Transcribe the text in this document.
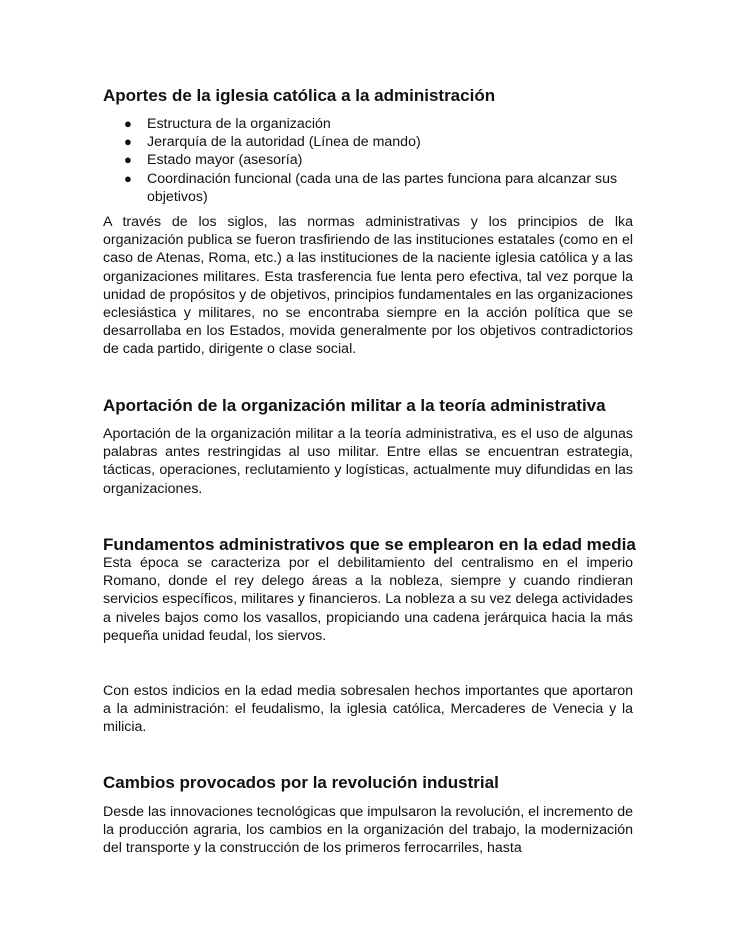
Aportes de la iglesia católica a la administración
● Estructura de la organización
● Jerarquía de la autoridad (Línea de mando)
● Estado mayor (asesoría)
● Coordinación funcional (cada una de las partes funciona para alcanzar sus objetivos)

A través de los siglos, las normas administrativas y los principios de lka organización publica se fueron trasfiriendo de las instituciones estatales (como en el caso de Atenas, Roma, etc.) a las instituciones de la naciente iglesia católica y a las organizaciones militares. Esta trasferencia fue lenta pero efectiva, tal vez porque la unidad de propósitos y de objetivos, principios fundamentales en las organizaciones eclesiástica y militares, no se encontraba siempre en la acción política que se desarrollaba en los Estados, movida generalmente por los objetivos contradictorios de cada partido, dirigente o clase social.

Aportación de la organización militar a la teoría administrativa

Aportación de la organización militar a la teoría administrativa, es el uso de algunas palabras antes restringidas al uso militar. Entre ellas se encuentran estrategia, tácticas, operaciones, reclutamiento y logísticas, actualmente muy difundidas en las organizaciones.

Fundamentos administrativos que se emplearon en la edad media

Esta época se caracteriza por el debilitamiento del centralismo en el imperio Romano, donde el rey delego áreas a la nobleza, siempre y cuando rindieran servicios específicos, militares y financieros. La nobleza a su vez delega actividades a niveles bajos como los vasallos, propiciando una cadena jerárquica hacia la más pequeña unidad feudal, los siervos.

Con estos indicios en la edad media sobresalen hechos importantes que aportaron a la administración: el feudalismo, la iglesia católica, Mercaderes de Venecia y la milicia.

Cambios provocados por la revolución industrial

Desde las innovaciones tecnológicas que impulsaron la revolución, el incremento de la producción agraria, los cambios en la organización del trabajo, la modernización del transporte y la construcción de los primeros ferrocarriles, hasta
